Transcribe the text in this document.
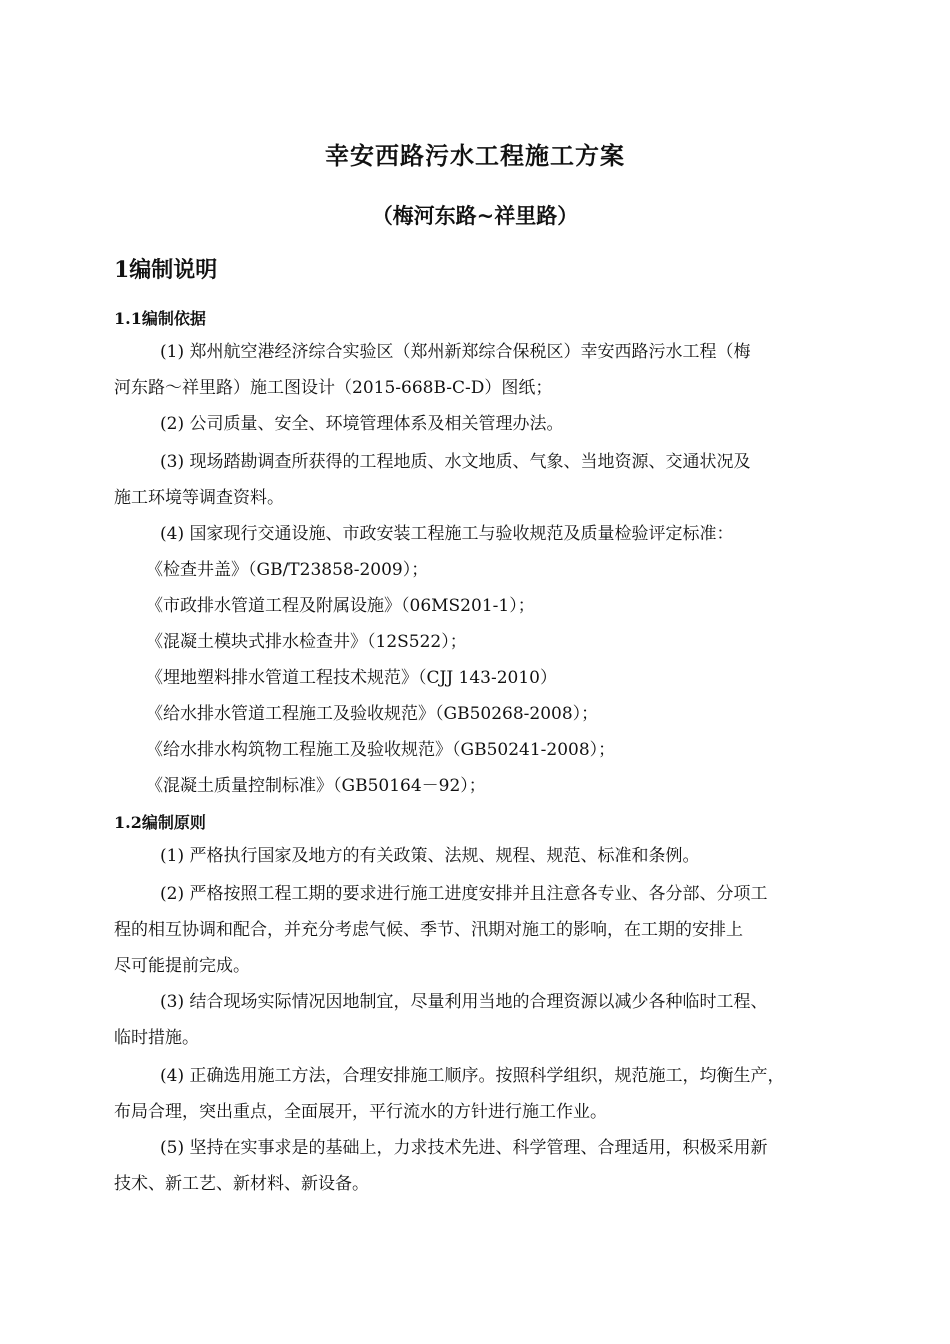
幸安西路污水工程施工方案
（梅河东路~祥里路）
1编制说明
1.1编制依据
(1) 郑州航空港经济综合实验区（郑州新郑综合保税区）幸安西路污水工程（梅
河东路～祥里路）施工图设计（2015-668B-C-D）图纸；
(2) 公司质量、安全、环境管理体系及相关管理办法。
(3) 现场踏勘调查所获得的工程地质、水文地质、气象、当地资源、交通状况及
施工环境等调查资料。
(4) 国家现行交通设施、市政安装工程施工与验收规范及质量检验评定标准：
《检查井盖》（GB/T23858-2009）；
《市政排水管道工程及附属设施》（06MS201-1）；
《混凝土模块式排水检查井》（12S522）；
《埋地塑料排水管道工程技术规范》（CJJ 143-2010）
《给水排水管道工程施工及验收规范》（GB50268-2008）；
《给水排水构筑物工程施工及验收规范》（GB50241-2008）；
《混凝土质量控制标准》（GB50164－92）；
1.2编制原则
(1) 严格执行国家及地方的有关政策、法规、规程、规范、标准和条例。
(2) 严格按照工程工期的要求进行施工进度安排并且注意各专业、各分部、分项工
程的相互协调和配合，并充分考虑气候、季节、汛期对施工的影响，在工期的安排上
尽可能提前完成。
(3) 结合现场实际情况因地制宜，尽量利用当地的合理资源以减少各种临时工程、
临时措施。
(4) 正确选用施工方法，合理安排施工顺序。按照科学组织，规范施工，均衡生产，
布局合理，突出重点，全面展开，平行流水的方针进行施工作业。
(5) 坚持在实事求是的基础上，力求技术先进、科学管理、合理适用，积极采用新
技术、新工艺、新材料、新设备。
